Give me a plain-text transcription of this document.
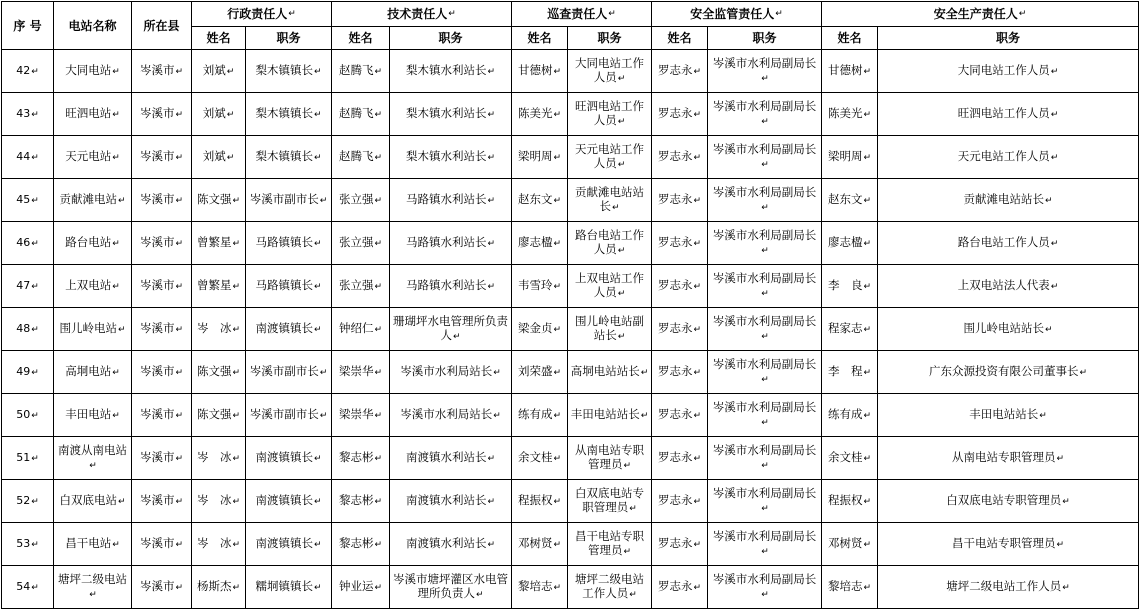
序 号	电站名称	所在县	行政责任人↵		技术责任人↵		巡查责任人↵		安全监管责任人↵		安全生产责任人↵
			姓名	职务	姓名	职务	姓名	职务	姓名	职务	姓名	职务
42↵	大同电站↵	岑溪市↵	刘斌↵	梨木镇镇长↵	赵腾飞↵	梨木镇水利站长↵	甘德树↵	大同电站工作人员↵	罗志永↵	岑溪市水利局副局长↵	甘德树↵	大同电站工作人员↵
43↵	旺泗电站↵	岑溪市↵	刘斌↵	梨木镇镇长↵	赵腾飞↵	梨木镇水利站长↵	陈美光↵	旺泗电站工作人员↵	罗志永↵	岑溪市水利局副局长↵	陈美光↵	旺泗电站工作人员↵
44↵	天元电站↵	岑溪市↵	刘斌↵	梨木镇镇长↵	赵腾飞↵	梨木镇水利站长↵	梁明周↵	天元电站工作人员↵	罗志永↵	岑溪市水利局副局长↵	梁明周↵	天元电站工作人员↵
45↵	贡献滩电站↵	岑溪市↵	陈文强↵	岑溪市副市长↵	张立强↵	马路镇水利站长↵	赵东文↵	贡献滩电站站长↵	罗志永↵	岑溪市水利局副局长↵	赵东文↵	贡献滩电站站长↵
46↵	路台电站↵	岑溪市↵	曾繁星↵	马路镇镇长↵	张立强↵	马路镇水利站长↵	廖志楹↵	路台电站工作人员↵	罗志永↵	岑溪市水利局副局长↵	廖志楹↵	路台电站工作人员↵
47↵	上双电站↵	岑溪市↵	曾繁星↵	马路镇镇长↵	张立强↵	马路镇水利站长↵	韦雪玲↵	上双电站工作人员↵	罗志永↵	岑溪市水利局副局长↵	李　良↵	上双电站法人代表↵
48↵	围儿岭电站↵	岑溪市↵	岑　冰↵	南渡镇镇长↵	钟绍仁↵	珊瑚坪水电管理所负责人↵	梁金贞↵	围儿岭电站副站长↵	罗志永↵	岑溪市水利局副局长↵	程家志↵	围儿岭电站站长↵
49↵	高垌电站↵	岑溪市↵	陈文强↵	岑溪市副市长↵	梁崇华↵	岑溪市水利局站长↵	刘荣盛↵	高垌电站站长↵	罗志永↵	岑溪市水利局副局长↵	李　程↵	广东众源投资有限公司董事长↵
50↵	丰田电站↵	岑溪市↵	陈文强↵	岑溪市副市长↵	梁崇华↵	岑溪市水利局站长↵	练有成↵	丰田电站站长↵	罗志永↵	岑溪市水利局副局长↵	练有成↵	丰田电站站长↵
51↵	南渡从南电站↵	岑溪市↵	岑　冰↵	南渡镇镇长↵	黎志彬↵	南渡镇水利站长↵	余文桂↵	从南电站专职管理员↵	罗志永↵	岑溪市水利局副局长↵	余文桂↵	从南电站专职管理员↵
52↵	白双底电站↵	岑溪市↵	岑　冰↵	南渡镇镇长↵	黎志彬↵	南渡镇水利站长↵	程振权↵	白双底电站专职管理员↵	罗志永↵	岑溪市水利局副局长↵	程振权↵	白双底电站专职管理员↵
53↵	昌干电站↵	岑溪市↵	岑　冰↵	南渡镇镇长↵	黎志彬↵	南渡镇水利站长↵	邓树贤↵	昌干电站专职管理员↵	罗志永↵	岑溪市水利局副局长↵	邓树贤↵	昌干电站专职管理员↵
54↵	塘坪二级电站↵	岑溪市↵	杨斯杰↵	糯垌镇镇长↵	钟业运↵	岑溪市塘坪灌区水电管理所负责人↵	黎培志↵	塘坪二级电站工作人员↵	罗志永↵	岑溪市水利局副局长↵	黎培志↵	塘坪二级电站工作人员↵
